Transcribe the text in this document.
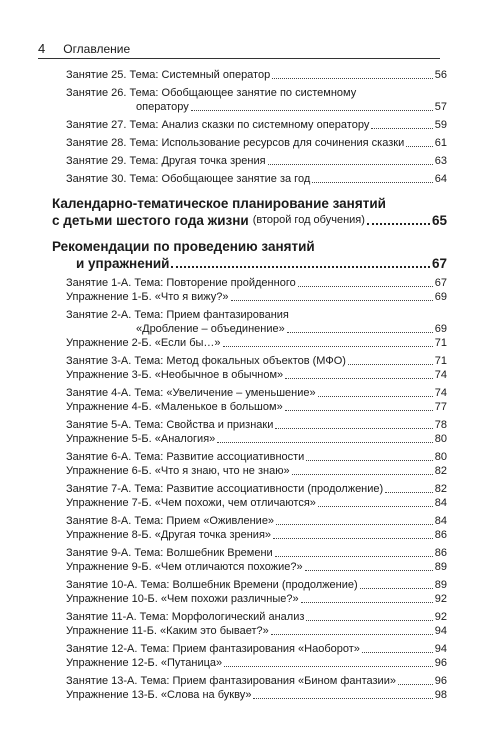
4 Оглавление
Занятие 25. Тема: Системный оператор	56
Занятие 26. Тема: Обобщающее занятие по системному
оператору	57
Занятие 27. Тема: Анализ сказки по системному оператору	59
Занятие 28. Тема: Использование ресурсов для сочинения сказки	61
Занятие 29. Тема: Другая точка зрения	63
Занятие 30. Тема: Обобщающее занятие за год	64
Календарно-тематическое планирование занятий
с детьми шестого года жизни (второй год обучения)	65
Рекомендации по проведению занятий
и упражнений	67
Занятие 1-А. Тема: Повторение пройденного	67
Упражнение 1-Б. «Что я вижу?»	69
Занятие 2-А. Тема: Прием фантазирования
«Дробление – объединение»	69
Упражнение 2-Б. «Если бы…»	71
Занятие 3-А. Тема: Метод фокальных объектов (МФО)	71
Упражнение 3-Б. «Необычное в обычном»	74
Занятие 4-А. Тема: «Увеличение – уменьшение»	74
Упражнение 4-Б. «Маленькое в большом»	77
Занятие 5-А. Тема: Свойства и признаки	78
Упражнение 5-Б. «Аналогия»	80
Занятие 6-А. Тема: Развитие ассоциативности	80
Упражнение 6-Б. «Что я знаю, что не знаю»	82
Занятие 7-А. Тема: Развитие ассоциативности (продолжение)	82
Упражнение 7-Б. «Чем похожи, чем отличаются»	84
Занятие 8-А. Тема: Прием «Оживление»	84
Упражнение 8-Б. «Другая точка зрения»	86
Занятие 9-А. Тема: Волшебник Времени	86
Упражнение 9-Б. «Чем отличаются похожие?»	89
Занятие 10-А. Тема: Волшебник Времени (продолжение)	89
Упражнение 10-Б. «Чем похожи различные?»	92
Занятие 11-А. Тема: Морфологический анализ	92
Упражнение 11-Б. «Каким это бывает?»	94
Занятие 12-А. Тема: Прием фантазирования «Наоборот»	94
Упражнение 12-Б. «Путаница»	96
Занятие 13-А. Тема: Прием фантазирования «Бином фантазии»	96
Упражнение 13-Б. «Слова на букву»	98
